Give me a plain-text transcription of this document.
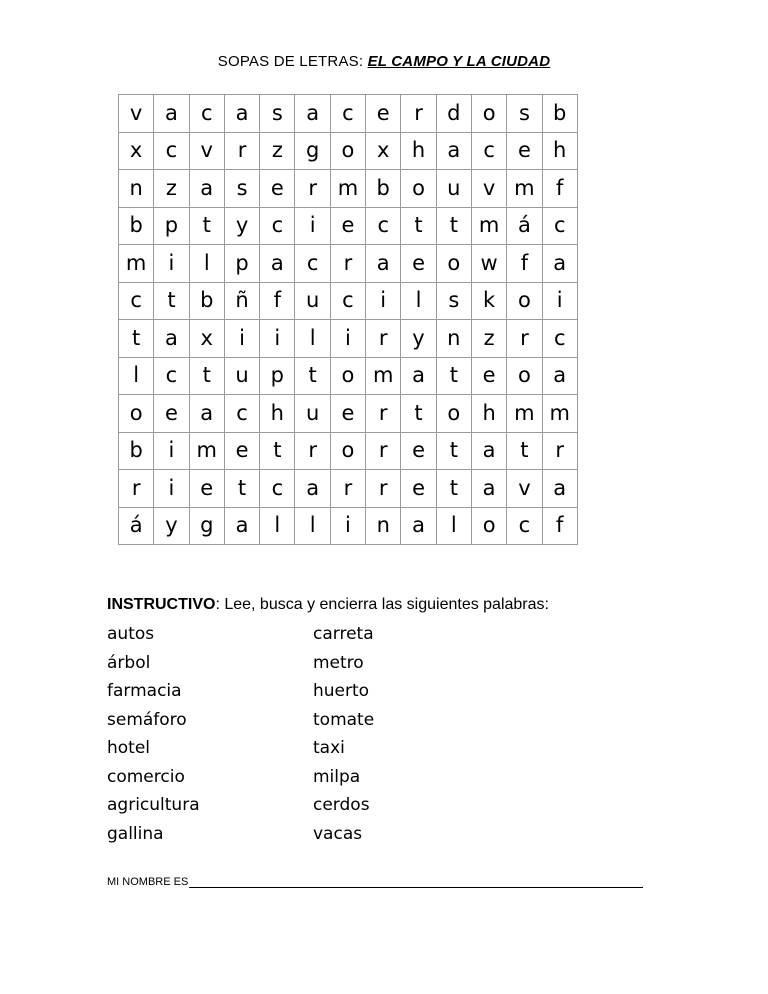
SOPAS DE LETRAS: EL CAMPO Y LA CIUDAD
v	a	c	a	s	a	c	e	r	d	o	s	b
x	c	v	r	z	g	o	x	h	a	c	e	h
n	z	a	s	e	r	m	b	o	u	v	m	f
b	p	t	y	c	i	e	c	t	t	m	á	c
m	i	l	p	a	c	r	a	e	o	w	f	a
c	t	b	ñ	f	u	c	i	l	s	k	o	i
t	a	x	i	i	l	i	r	y	n	z	r	c
l	c	t	u	p	t	o	m	a	t	e	o	a
o	e	a	c	h	u	e	r	t	o	h	m	m
b	i	m	e	t	r	o	r	e	t	a	t	r
r	i	e	t	c	a	r	r	e	t	a	v	a
á	y	g	a	l	l	i	n	a	l	o	c	f
INSTRUCTIVO: Lee, busca y encierra las siguientes palabras:
autos
árbol
farmacia
semáforo
hotel
comercio
agricultura
gallina
carreta
metro
huerto
tomate
taxi
milpa
cerdos
vacas
MI NOMBRE ES
